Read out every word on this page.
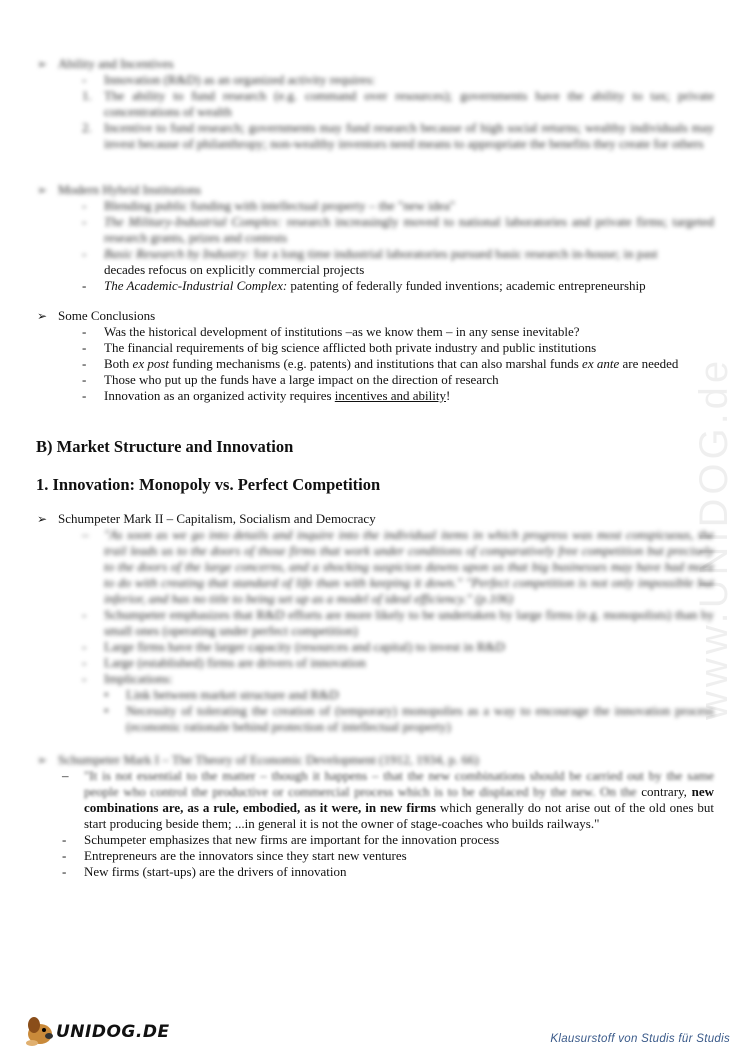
www.UNIDOG.de
➢ Ability and Incentives
-	Innovation (R&D) as an organized activity requires:
1. The ability to fund research (e.g. command over resources); governments have the ability to tax; private concentrations of wealth
2. Incentive to fund research; governments may fund research because of high social returns; wealthy individuals may invest because of philanthropy; non-wealthy inventors need means to appropriate the benefits they create for others
➢ Modern Hybrid Institutions
-	Blending public funding with intellectual property – the "new idea"
-	The Military-Industrial Complex: research increasingly moved to national laboratories and private firms; targeted research grants, prizes and contests
-	Basic Research by Industry: for a long time industrial laboratories pursued basic research in-house; in past
decades refocus on explicitly commercial projects
-	The Academic-Industrial Complex: patenting of federally funded inventions; academic entrepreneurship
➢ Some Conclusions
-	Was the historical development of institutions –as we know them – in any sense inevitable?
-	The financial requirements of big science afflicted both private industry and public institutions
-	Both ex post funding mechanisms (e.g. patents) and institutions that can also marshal funds ex ante are needed
-	Those who put up the funds have a large impact on the direction of research
-	Innovation as an organized activity requires incentives and ability!
B) Market Structure and Innovation
1. Innovation: Monopoly vs. Perfect Competition
➢ Schumpeter Mark II – Capitalism, Socialism and Democracy
–	"As soon as we go into details and inquire into the individual items in which progress was most conspicuous, the trail leads us to the doors of those firms that work under conditions of comparatively free competition but precisely to the doors of the large concerns, and a shocking suspicion dawns upon us that big businesses may have had more to do with creating that standard of life than with keeping it down." "Perfect competition is not only impossible but inferior, and has no title to being set up as a model of ideal efficiency." (p.106)
-	Schumpeter emphasizes that R&D efforts are more likely to be undertaken by large firms (e.g. monopolists) than by small ones (operating under perfect competition)
-	Large firms have the larger capacity (resources and capital) to invest in R&D
-	Large (established) firms are drivers of innovation
-	Implications:
•	Link between market structure and R&D
•	Necessity of tolerating the creation of (temporary) monopolies as a way to encourage the innovation process (economic rationale behind protection of intellectual property)
➢ Schumpeter Mark I – The Theory of Economic Development (1912, 1934, p. 66)
–	"It is not essential to the matter – though it happens – that the new combinations should be carried out by the same people who control the productive or commercial process which is to be displaced by the new. On the contrary, new combinations are, as a rule, embodied, as it were, in new firms which generally do not arise out of the old ones but start producing beside them; ...in general it is not the owner of stage-coaches who builds railways."
-	Schumpeter emphasizes that new firms are important for the innovation process
-	Entrepreneurs are the innovators since they start new ventures
-	New firms (start-ups) are the drivers of innovation
UNIDOG.DE	Klausurstoff von Studis für Studis
